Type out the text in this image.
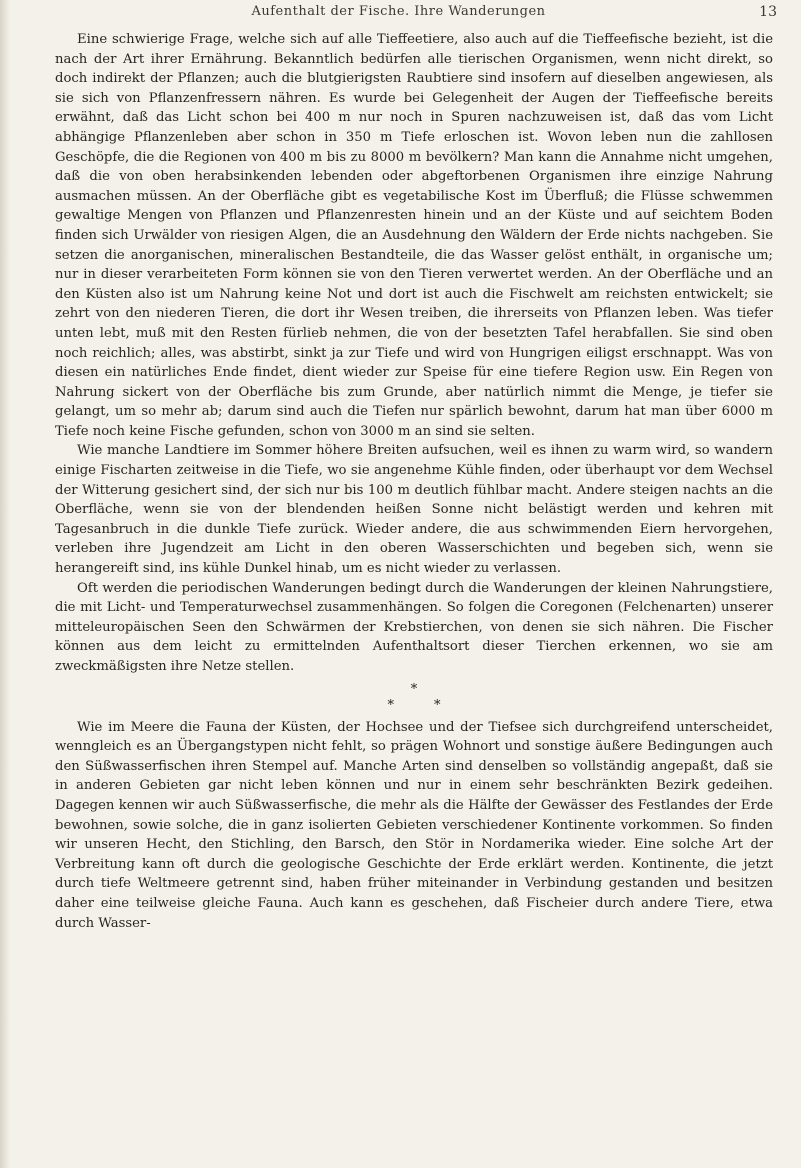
Aufenthalt der Fische. Ihre Wanderungen	13

Eine schwierige Frage, welche sich auf alle Tieffeetiere, also auch auf die Tieffeefische bezieht, ist die nach der Art ihrer Ernährung. Bekanntlich bedürfen alle tierischen Organismen, wenn nicht direkt, so doch indirekt der Pflanzen; auch die blutgierigsten Raubtiere sind insofern auf dieselben angewiesen, als sie sich von Pflanzenfressern nähren. Es wurde bei Gelegenheit der Augen der Tieffeefische bereits erwähnt, daß das Licht schon bei 400 m nur noch in Spuren nachzuweisen ist, daß das vom Licht abhängige Pflanzenleben aber schon in 350 m Tiefe erloschen ist. Wovon leben nun die zahllosen Geschöpfe, die die Regionen von 400 m bis zu 8000 m bevölkern? Man kann die Annahme nicht umgehen, daß die von oben herabsinkenden lebenden oder abgeftorbenen Organismen ihre einzige Nahrung ausmachen müssen. An der Oberfläche gibt es vegetabilische Kost im Überfluß; die Flüsse schwemmen gewaltige Mengen von Pflanzen und Pflanzenresten hinein und an der Küste und auf seichtem Boden finden sich Urwälder von riesigen Algen, die an Ausdehnung den Wäldern der Erde nichts nachgeben. Sie setzen die anorganischen, mineralischen Bestandteile, die das Wasser gelöst enthält, in organische um; nur in dieser verarbeiteten Form können sie von den Tieren verwertet werden. An der Oberfläche und an den Küsten also ist um Nahrung keine Not und dort ist auch die Fischwelt am reichsten entwickelt; sie zehrt von den niederen Tieren, die dort ihr Wesen treiben, die ihrerseits von Pflanzen leben. Was tiefer unten lebt, muß mit den Resten fürlieb nehmen, die von der besetzten Tafel herabfallen. Sie sind oben noch reichlich; alles, was abstirbt, sinkt ja zur Tiefe und wird von Hungrigen eiligst erschnappt. Was von diesen ein natürliches Ende findet, dient wieder zur Speise für eine tiefere Region usw. Ein Regen von Nahrung sickert von der Oberfläche bis zum Grunde, aber natürlich nimmt die Menge, je tiefer sie gelangt, um so mehr ab; darum sind auch die Tiefen nur spärlich bewohnt, darum hat man über 6000 m Tiefe noch keine Fische gefunden, schon von 3000 m an sind sie selten.

Wie manche Landtiere im Sommer höhere Breiten aufsuchen, weil es ihnen zu warm wird, so wandern einige Fischarten zeitweise in die Tiefe, wo sie angenehme Kühle finden, oder überhaupt vor dem Wechsel der Witterung gesichert sind, der sich nur bis 100 m deutlich fühlbar macht. Andere steigen nachts an die Oberfläche, wenn sie von der blendenden heißen Sonne nicht belästigt werden und kehren mit Tagesanbruch in die dunkle Tiefe zurück. Wieder andere, die aus schwimmenden Eiern hervorgehen, verleben ihre Jugendzeit am Licht in den oberen Wasserschichten und begeben sich, wenn sie herangereift sind, ins kühle Dunkel hinab, um es nicht wieder zu verlassen.

Oft werden die periodischen Wanderungen bedingt durch die Wanderungen der kleinen Nahrungstiere, die mit Licht- und Temperaturwechsel zusammenhängen. So folgen die Coregonen (Felchenarten) unserer mitteleuropäischen Seen den Schwärmen der Krebstierchen, von denen sie sich nähren. Die Fischer können aus dem leicht zu ermittelnden Aufenthaltsort dieser Tierchen erkennen, wo sie am zweckmäßigsten ihre Netze stellen.

*
**

Wie im Meere die Fauna der Küsten, der Hochsee und der Tiefsee sich durchgreifend unterscheidet, wenngleich es an Übergangstypen nicht fehlt, so prägen Wohnort und sonstige äußere Bedingungen auch den Süßwasserfischen ihren Stempel auf. Manche Arten sind denselben so vollständig angepaßt, daß sie in anderen Gebieten gar nicht leben können und nur in einem sehr beschränkten Bezirk gedeihen. Dagegen kennen wir auch Süßwasserfische, die mehr als die Hälfte der Gewässer des Festlandes der Erde bewohnen, sowie solche, die in ganz isolierten Gebieten verschiedener Kontinente vorkommen. So finden wir unseren Hecht, den Stichling, den Barsch, den Stör in Nordamerika wieder. Eine solche Art der Verbreitung kann oft durch die geologische Geschichte der Erde erklärt werden. Kontinente, die jetzt durch tiefe Weltmeere getrennt sind, haben früher miteinander in Verbindung gestanden und besitzen daher eine teilweise gleiche Fauna. Auch kann es geschehen, daß Fischeier durch andere Tiere, etwa durch Wasser-
